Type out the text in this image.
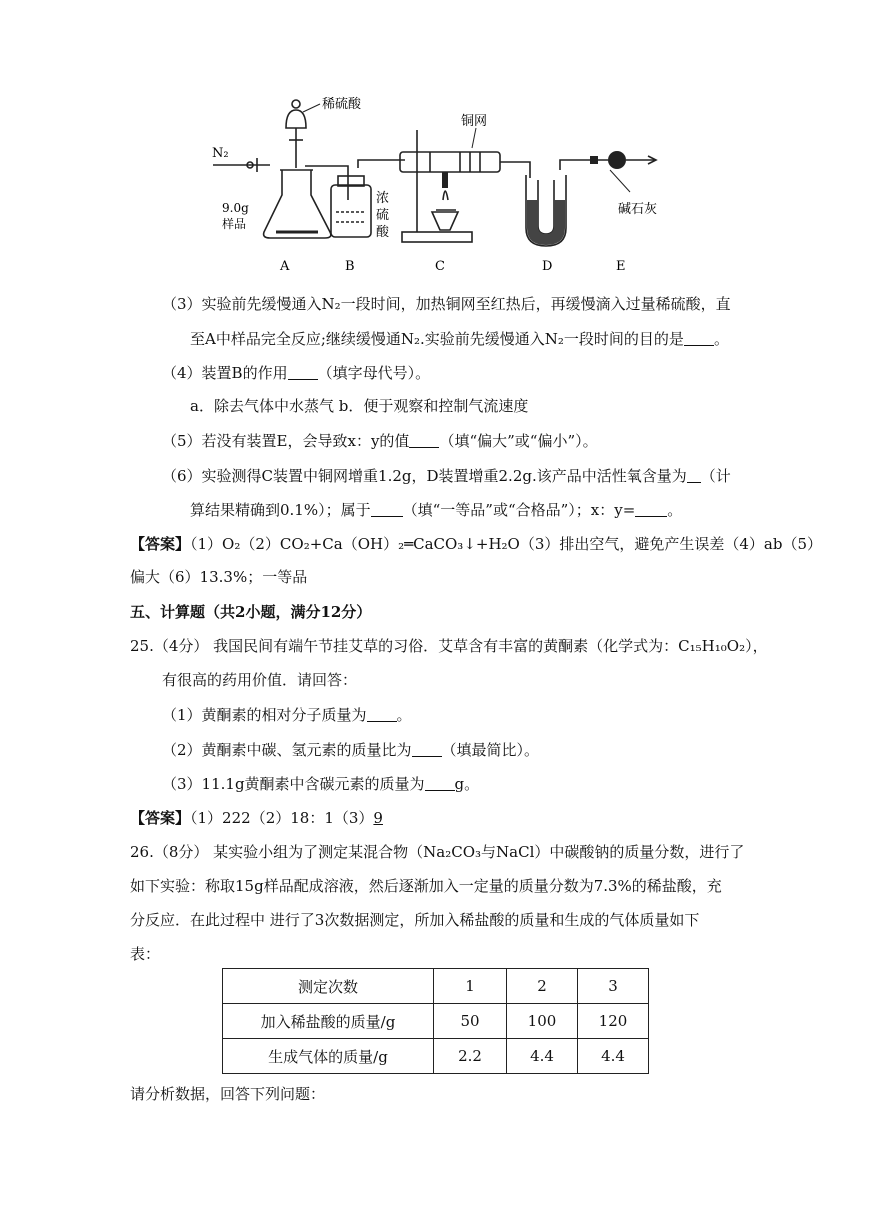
N₂
稀硫酸
9.0g
样品
浓
硫
酸
铜网
碱石灰
A	B	C	D	E
（3）实验前先缓慢通入N₂一段时间，加热铜网至红热后，再缓慢滴入过量稀硫酸，直
至A中样品完全反应;继续缓慢通N₂.实验前先缓慢通入N₂一段时间的目的是 。
（4）装置B的作用 （填字母代号）。
a．除去气体中水蒸气 b．便于观察和控制气流速度
（5）若没有装置E，会导致x：y的值 （填“偏大”或“偏小”）。
（6）实验测得C装置中铜网增重1.2g，D装置增重2.2g.该产品中活性氧含量为 （计
算结果精确到0.1%）；属于 （填“一等品”或“合格品”）；x：y= 。
【答案】（1）O₂（2）CO₂+Ca（OH）₂═CaCO₃↓+H₂O（3）排出空气，避免产生误差（4）ab（5）
偏大（6）13.3%；一等品
五、计算题（共2小题，满分12分）
25.（4分） 我国民间有端午节挂艾草的习俗．艾草含有丰富的黄酮素（化学式为：C₁₅H₁₀O₂），
有很高的药用价值．请回答：
（1）黄酮素的相对分子质量为 。
（2）黄酮素中碳、氢元素的质量比为 （填最简比）。
（3）11.1g黄酮素中含碳元素的质量为 g。
【答案】（1）222（2）18：1（3）9
26.（8分） 某实验小组为了测定某混合物（Na₂CO₃与NaCl）中碳酸钠的质量分数，进行了
如下实验：称取15g样品配成溶液，然后逐渐加入一定量的质量分数为7.3%的稀盐酸，充
分反应．在此过程中 进行了3次数据测定，所加入稀盐酸的质量和生成的气体质量如下
表：
测定次数	1	2	3
加入稀盐酸的质量/g	50	100	120
生成气体的质量/g	2.2	4.4	4.4
请分析数据，回答下列问题：
